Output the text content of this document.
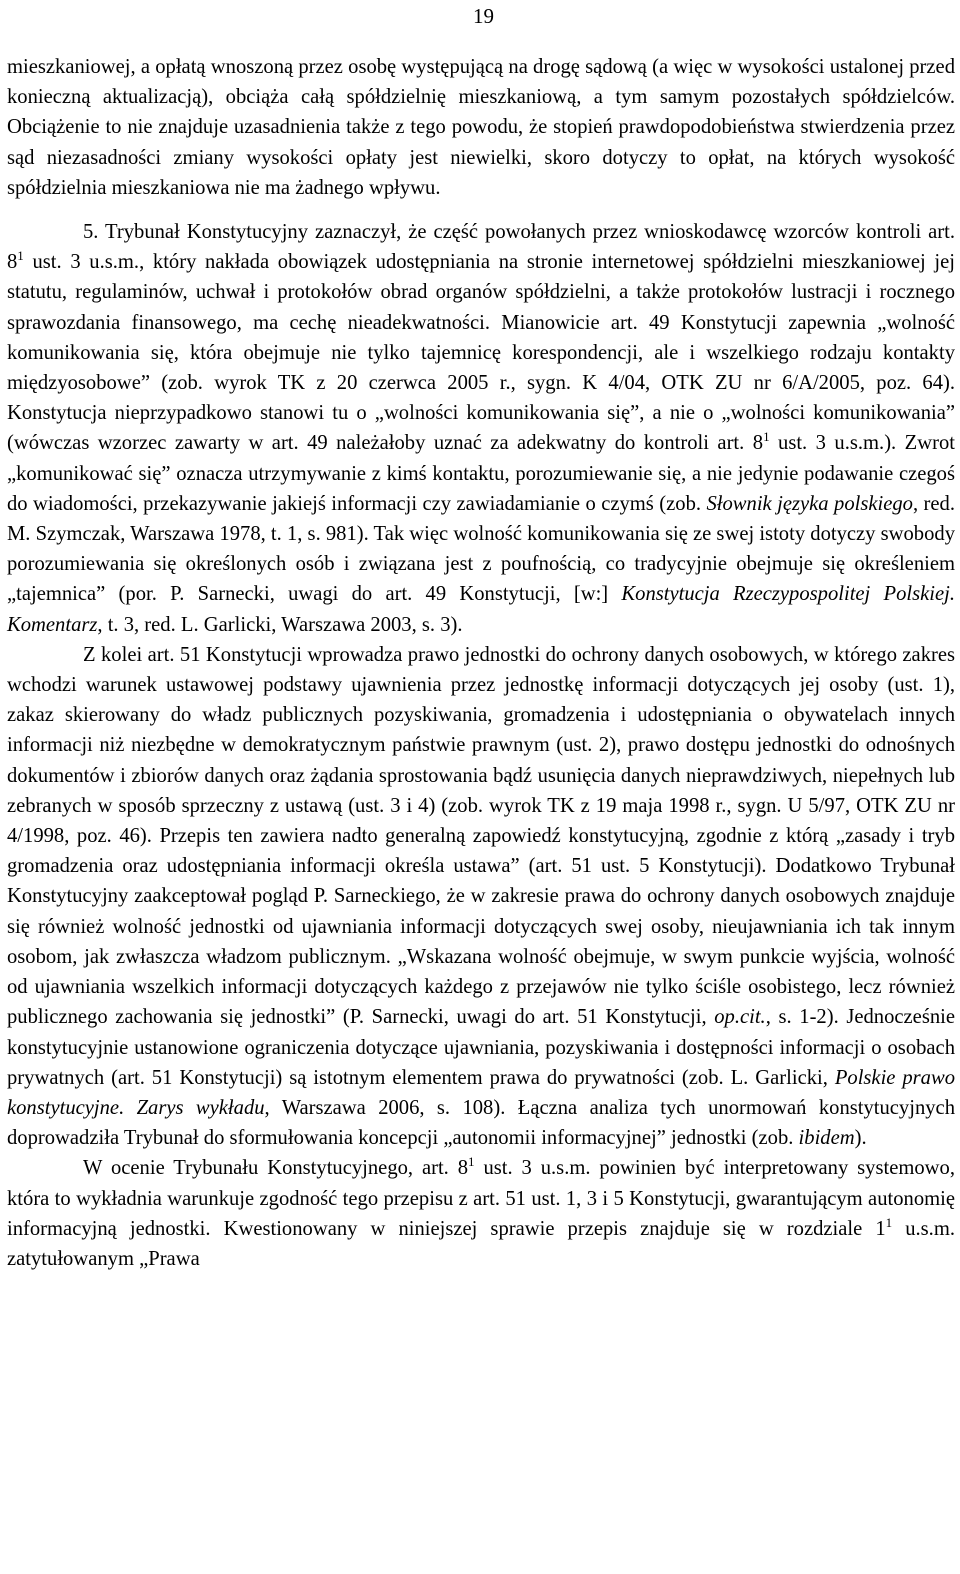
19

mieszkaniowej, a opłatą wnoszoną przez osobę występującą na drogę sądową (a więc w wysokości ustalonej przed konieczną aktualizacją), obciąża całą spółdzielnię mieszkaniową, a tym samym pozostałych spółdzielców. Obciążenie to nie znajduje uzasadnienia także z tego powodu, że stopień prawdopodobieństwa stwierdzenia przez sąd niezasadności zmiany wysokości opłaty jest niewielki, skoro dotyczy to opłat, na których wysokość spółdzielnia mieszkaniowa nie ma żadnego wpływu.

5. Trybunał Konstytucyjny zaznaczył, że część powołanych przez wnioskodawcę wzorców kontroli art. $8^1$ ust. 3 u.s.m., który nakłada obowiązek udostępniania na stronie internetowej spółdzielni mieszkaniowej jej statutu, regulaminów, uchwał i protokołów obrad organów spółdzielni, a także protokołów lustracji i rocznego sprawozdania finansowego, ma cechę nieadekwatności. Mianowicie art. 49 Konstytucji zapewnia „wolność komunikowania się, która obejmuje nie tylko tajemnicę korespondencji, ale i wszelkiego rodzaju kontakty międzyosobowe” (zob. wyrok TK z 20 czerwca 2005 r., sygn. K 4/04, OTK ZU nr 6/A/2005, poz. 64). Konstytucja nieprzypadkowo stanowi tu o „wolności komunikowania się”, a nie o „wolności komunikowania” (wówczas wzorzec zawarty w art. 49 należałoby uznać za adekwatny do kontroli art. $8^1$ ust. 3 u.s.m.). Zwrot „komunikować się” oznacza utrzymywanie z kimś kontaktu, porozumiewanie się, a nie jedynie podawanie czegoś do wiadomości, przekazywanie jakiejś informacji czy zawiadamianie o czymś (zob. Słownik języka polskiego, red. M. Szymczak, Warszawa 1978, t. 1, s. 981). Tak więc wolność komunikowania się ze swej istoty dotyczy swobody porozumiewania się określonych osób i związana jest z poufnością, co tradycyjnie obejmuje się określeniem „tajemnica” (por. P. Sarnecki, uwagi do art. 49 Konstytucji, [w:] Konstytucja Rzeczypospolitej Polskiej. Komentarz, t. 3, red. L. Garlicki, Warszawa 2003, s. 3).

Z kolei art. 51 Konstytucji wprowadza prawo jednostki do ochrony danych osobowych, w którego zakres wchodzi warunek ustawowej podstawy ujawnienia przez jednostkę informacji dotyczących jej osoby (ust. 1), zakaz skierowany do władz publicznych pozyskiwania, gromadzenia i udostępniania o obywatelach innych informacji niż niezbędne w demokratycznym państwie prawnym (ust. 2), prawo dostępu jednostki do odnośnych dokumentów i zbiorów danych oraz żądania sprostowania bądź usunięcia danych nieprawdziwych, niepełnych lub zebranych w sposób sprzeczny z ustawą (ust. 3 i 4) (zob. wyrok TK z 19 maja 1998 r., sygn. U 5/97, OTK ZU nr 4/1998, poz. 46). Przepis ten zawiera nadto generalną zapowiedź konstytucyjną, zgodnie z którą „zasady i tryb gromadzenia oraz udostępniania informacji określa ustawa” (art. 51 ust. 5 Konstytucji). Dodatkowo Trybunał Konstytucyjny zaakceptował pogląd P. Sarneckiego, że w zakresie prawa do ochrony danych osobowych znajduje się również wolność jednostki od ujawniania informacji dotyczących swej osoby, nieujawniania ich tak innym osobom, jak zwłaszcza władzom publicznym. „Wskazana wolność obejmuje, w swym punkcie wyjścia, wolność od ujawniania wszelkich informacji dotyczących każdego z przejawów nie tylko ściśle osobistego, lecz również publicznego zachowania się jednostki” (P. Sarnecki, uwagi do art. 51 Konstytucji, op.cit., s. 1-2). Jednocześnie konstytucyjnie ustanowione ograniczenia dotyczące ujawniania, pozyskiwania i dostępności informacji o osobach prywatnych (art. 51 Konstytucji) są istotnym elementem prawa do prywatności (zob. L. Garlicki, Polskie prawo konstytucyjne. Zarys wykładu, Warszawa 2006, s. 108). Łączna analiza tych unormowań konstytucyjnych doprowadziła Trybunał do sformułowania koncepcji „autonomii informacyjnej” jednostki (zob. ibidem).

W ocenie Trybunału Konstytucyjnego, art. $8^1$ ust. 3 u.s.m. powinien być interpretowany systemowo, która to wykładnia warunkuje zgodność tego przepisu z art. 51 ust. 1, 3 i 5 Konstytucji, gwarantującym autonomię informacyjną jednostki. Kwestionowany w niniejszej sprawie przepis znajduje się w rozdziale $1^1$ u.s.m. zatytułowanym „Prawa
